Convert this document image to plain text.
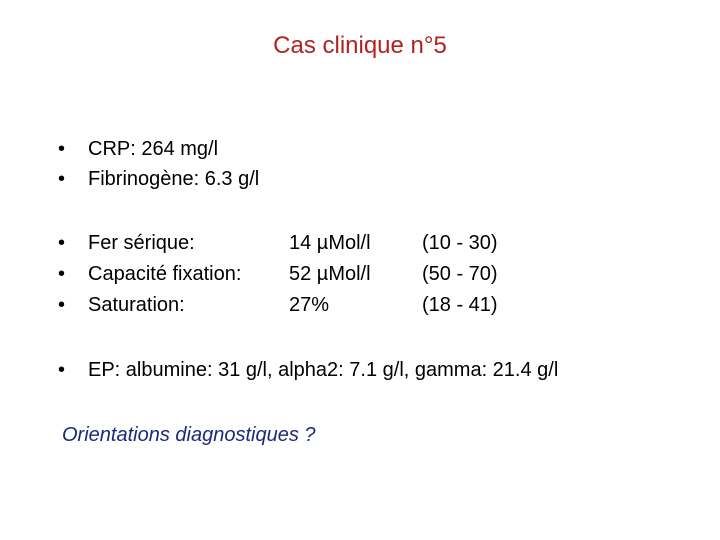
Cas clinique n°5
•	CRP: 264 mg/l
•	Fibrinogène: 6.3 g/l
•	Fer sérique:	14 µMol/l	(10 - 30)
•	Capacité fixation: 52 µMol/l	(50 - 70)
•	Saturation:	27%	(18 - 41)
•	EP: albumine: 31 g/l, alpha2: 7.1 g/l, gamma: 21.4 g/l
Orientations diagnostiques ?
